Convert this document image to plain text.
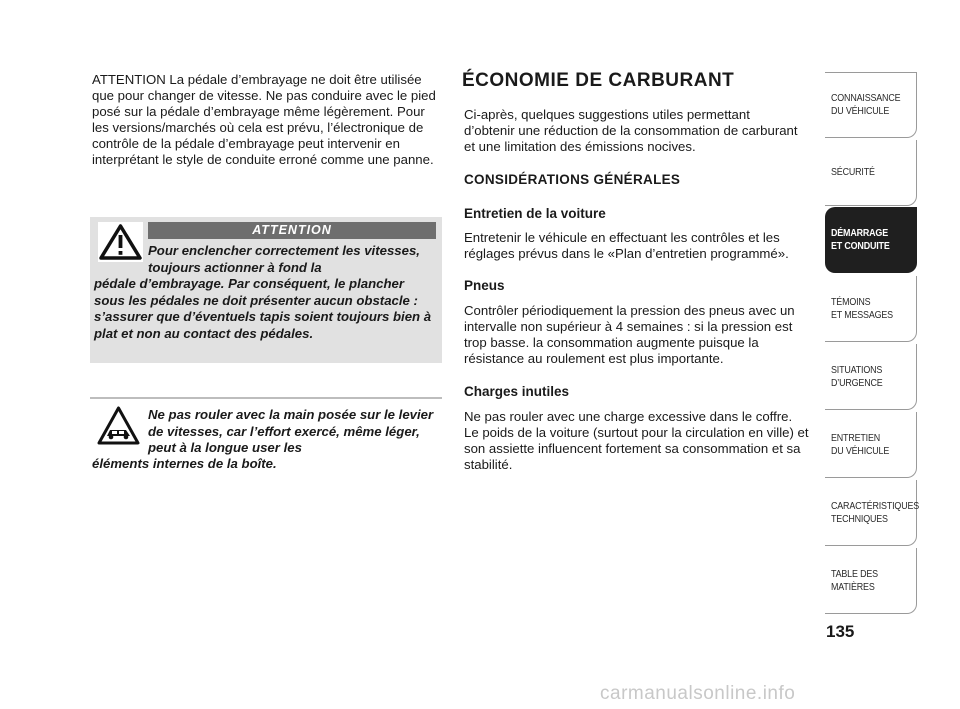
ATTENTION La pédale d’embrayage ne doit être utilisée que pour changer de vitesse. Ne pas conduire avec le pied posé sur la pédale d’embrayage même légèrement. Pour les versions/marchés où cela est prévu, l’électronique de contrôle de la pédale d’embrayage peut intervenir en interprétant le style de conduite erroné comme une panne.

ATTENTION

Pour enclencher correctement les vitesses, toujours actionner à fond la

pédale d’embrayage. Par conséquent, le plancher sous les pédales ne doit présenter aucun obstacle : s’assurer que d’éventuels tapis soient toujours bien à plat et non au contact des pédales.

Ne pas rouler avec la main posée sur le levier de vitesses, car l’effort exercé, même léger, peut à la longue user les

éléments internes de la boîte.

ÉCONOMIE DE CARBURANT

Ci-après, quelques suggestions utiles permettant d’obtenir une réduction de la consommation de carburant et une limitation des émissions nocives.

CONSIDÉRATIONS GÉNÉRALES
Entretien de la voiture

Entretenir le véhicule en effectuant les contrôles et les réglages prévus dans le «Plan d’entretien programmé».

Pneus

Contrôler périodiquement la pression des pneus avec un intervalle non supérieur à 4 semaines : si la pression est trop basse. la consommation augmente puisque la résistance au roulement est plus importante.

Charges inutiles

Ne pas rouler avec une charge excessive dans le coffre. Le poids de la voiture (surtout pour la circulation en ville) et son assiette influencent fortement sa consommation et sa stabilité.

CONNAISSANCE
DU VÉHICULE
SÉCURITÉ
DÉMARRAGE
ET CONDUITE
TÉMOINS
ET MESSAGES
SITUATIONS
D’URGENCE
ENTRETIEN
DU VÉHICULE
CARACTÉRISTIQUES
TECHNIQUES
TABLE DES
MATIÈRES
135
carmanualsonline.info
